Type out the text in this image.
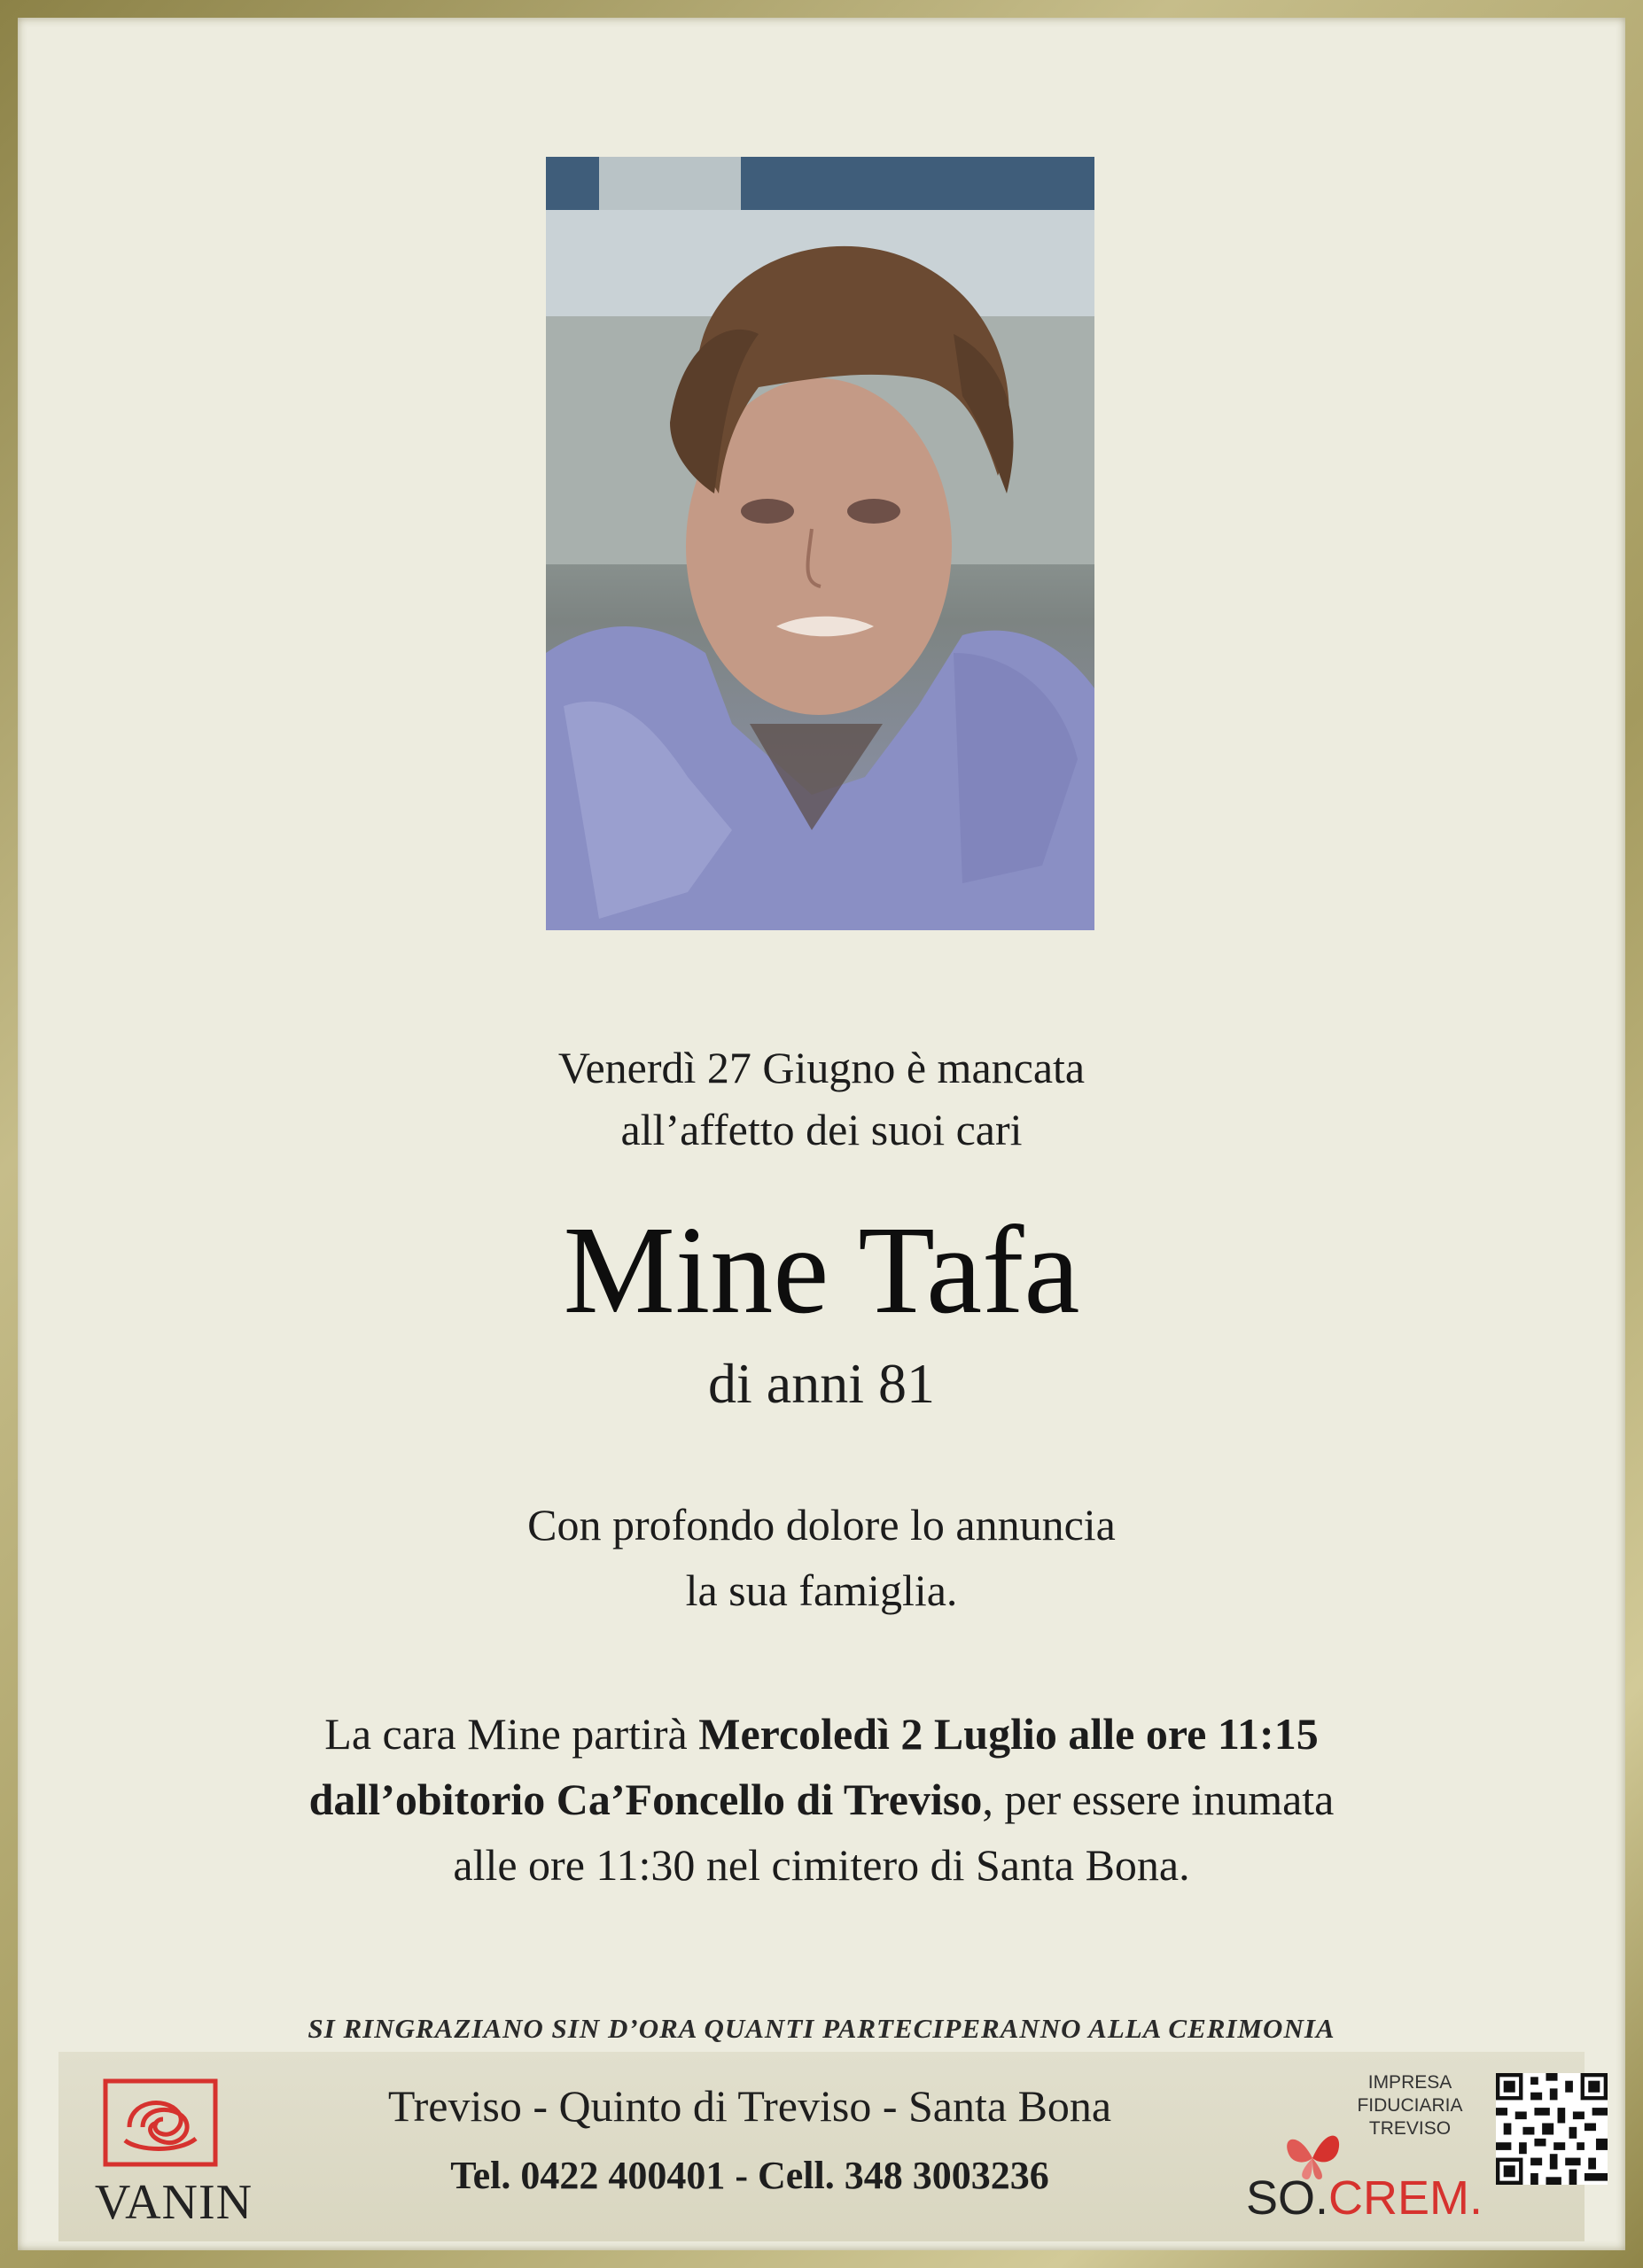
Venerdì 27 Giugno è mancata
all’affetto dei suoi cari
Mine Tafa
di anni 81
Con profondo dolore lo annuncia
la sua famiglia.
La cara Mine partirà Mercoledì 2 Luglio alle ore 11:15
dall’obitorio Ca’Foncello di Treviso, per essere inumata
alle ore 11:30 nel cimitero di Santa Bona.
SI RINGRAZIANO SIN D’ORA QUANTI PARTECIPERANNO ALLA CERIMONIA
VANIN
Treviso - Quinto di Treviso - Santa Bona
Tel. 0422 400401 - Cell. 348 3003236
IMPRESA
FIDUCIARIA
TREVISO
SO.CREM.
